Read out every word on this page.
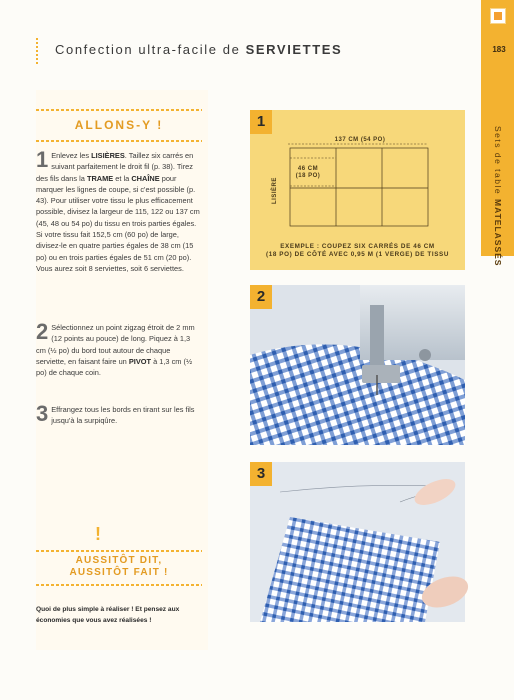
183
Sets de table MATELASSÉS
Confection ultra-facile de SERVIETTES
ALLONS-Y !
1 Enlevez les LISIÈRES. Taillez six carrés en suivant parfaitement le droit fil (p. 38). Tirez des fils dans la TRAME et la CHAÎNE pour marquer les lignes de coupe, si c'est possible (p. 43). Pour utiliser votre tissu le plus efficacement possible, divisez la largeur de 115, 122 ou 137 cm (45, 48 ou 54 po) du tissu en trois parties égales. Si votre tissu fait 152,5 cm (60 po) de large, divisez-le en quatre parties égales de 38 cm (15 po) ou en trois parties égales de 51 cm (20 po). Vous aurez soit 8 serviettes, soit 6 serviettes.
2 Sélectionnez un point zigzag étroit de 2 mm (12 points au pouce) de long. Piquez à 1,3 cm (½ po) du bord tout autour de chaque serviette, en faisant faire un PIVOT à 1,3 cm (½ po) de chaque coin.
3 Effrangez tous les bords en tirant sur les fils jusqu'à la surpiqûre.
!
AUSSITÔT DIT,
AUSSITÔT FAIT !
Quoi de plus simple à réaliser ! Et pensez aux économies que vous avez réalisées !
1
137 CM (54 PO)
46 CM
(18 PO)
LISIÈRE
EXEMPLE : COUPEZ SIX CARRÉS DE 46 CM
(18 PO) DE CÔTÉ AVEC 0,95 M (1 VERGE) DE TISSU
2
3
